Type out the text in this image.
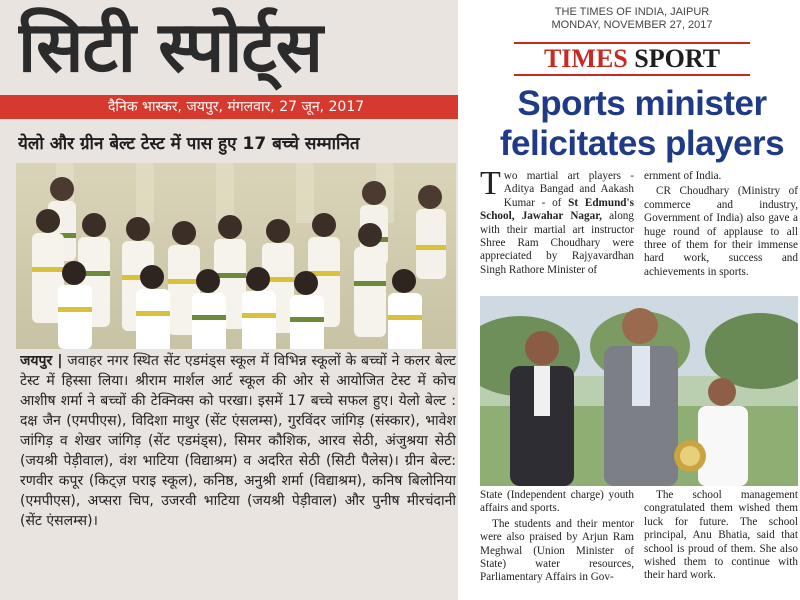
सिटी स्पोर्ट्स
दैनिक भास्कर, जयपुर, मंगलवार, 27 जून, 2017
येलो और ग्रीन बेल्ट टेस्ट में पास हुए 17 बच्चे सम्मानित
जयपुर | जवाहर नगर स्थित सेंट एडमंड्स स्कूल में विभिन्न स्कूलों के बच्चों ने कलर बेल्ट टेस्ट में हिस्सा लिया। श्रीराम मार्शल आर्ट स्कूल की ओर से आयोजित टेस्ट में कोच आशीष शर्मा ने बच्चों की टेक्निक्स को परखा। इसमें 17 बच्चे सफल हुए। येलो बेल्ट : दक्ष जैन (एमपीएस), विदिशा माथुर (सेंट एंसलम्स), गुरविंदर जांगिड़ (संस्कार), भावेश जांगिड़ व शेखर जांगिड़ (सेंट एडमंड्स), सिमर कौशिक, आरव सेठी, अंजुश्रया सेठी (जयश्री पेड़ीवाल), वंश भाटिया (विद्याश्रम) व अदरित सेठी (सिटी पैलेस)। ग्रीन बेल्ट: रणवीर कपूर (किट्ज़ पराइ स्कूल), कनिष्ठ, अनुश्री शर्मा (विद्याश्रम), कनिष बिलोनिया (एमपीएस), अप्सरा चिप, उजरवी भाटिया (जयश्री पेड़ीवाल) और पुनीष मीरचंदानी (सेंट एंसलम्स)।
THE TIMES OF INDIA, JAIPUR
MONDAY, NOVEMBER 27, 2017
TIMES SPORT
Sports minister
felicitates players
Two martial art players - Aditya Bangad and Aakash Kumar - of St Edmund's School, Jawahar Nagar, along with their martial art instructor Shree Ram Choudhary were appreciated by Rajyavardhan Singh Rathore Minister of

ernment of India.

CR Choudhary (Ministry of commerce and industry, Government of India) also gave a huge round of applause to all three of them for their immense hard work, success and achievements in sports.

State (Independent charge) youth affairs and sports.

The students and their mentor were also praised by Arjun Ram Meghwal (Union Minister of State) water resources, Parliamentary Affairs in Gov-

The school management congratulated them wished them luck for future. The school principal, Anu Bhatia, said that school is proud of them. She also wished them to continue with their hard work.
